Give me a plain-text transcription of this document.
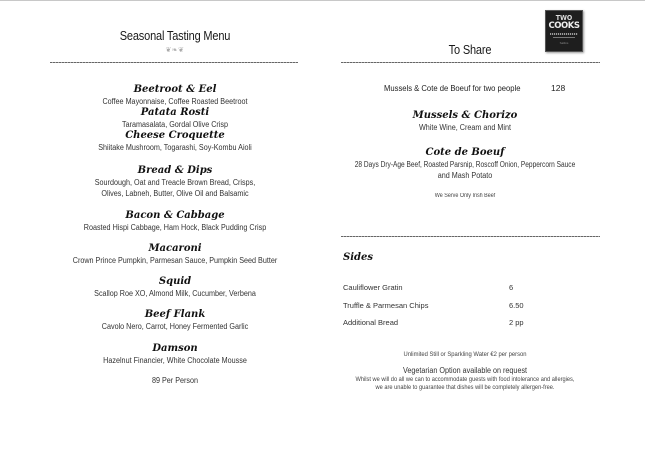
Seasonal Tasting Menu
❦❧❦
Beetroot & Eel
Coffee Mayonnaise, Coffee Roasted Beetroot
Patata Rosti
Taramasalata, Gordal Olive Crisp
Cheese Croquette
Shiitake Mushroom, Togarashi, Soy-Kombu Aioli
Bread & Dips
Sourdough, Oat and Treacle Brown Bread, Crisps,
Olives, Labneh, Butter, Olive Oil and Balsamic
Bacon & Cabbage
Roasted Hispi Cabbage, Ham Hock, Black Pudding Crisp
Macaroni
Crown Prince Pumpkin, Parmesan Sauce, Pumpkin Seed Butter
Squid
Scallop Roe XO, Almond Milk, Cucumber, Verbena
Beef Flank
Cavolo Nero, Carrot, Honey Fermented Garlic
Damson
Hazelnut Financier, White Chocolate Mousse
89 Per Person
To Share
TWO
COOKS
Sallins
Mussels & Cote de Boeuf for two people	128
Mussels & Chorizo
White Wine, Cream and Mint
Cote de Boeuf
28 Days Dry-Age Beef, Roasted Parsnip, Roscoff Onion, Peppercorn Sauce
and Mash Potato
We Serve Only Irish Beef
Sides
Cauliflower Gratin	6
Truffle & Parmesan Chips	6.50
Additional Bread	2 pp
Unlimited Still or Sparkling Water €2 per person
Vegetarian Option available on request
Whilst we will do all we can to accommodate guests with food intolerance and allergies,
we are unable to guarantee that dishes will be completely allergen-free.
